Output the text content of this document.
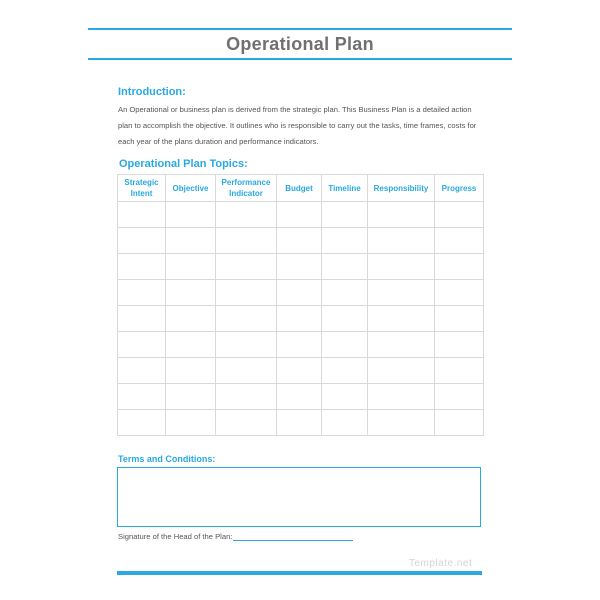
Operational Plan
Introduction:
An Operational or business plan is derived from the strategic plan. This Business Plan is a detailed action plan to accomplish the objective. It outlines who is responsible to carry out the tasks, time frames, costs for each year of the plans duration and performance indicators.
Operational Plan Topics:
Strategic Intent	Objective	Performance Indicator	Budget	Timeline	Responsibility	Progress

Terms and Conditions:
Signature of the Head of the Plan:
Template.net
